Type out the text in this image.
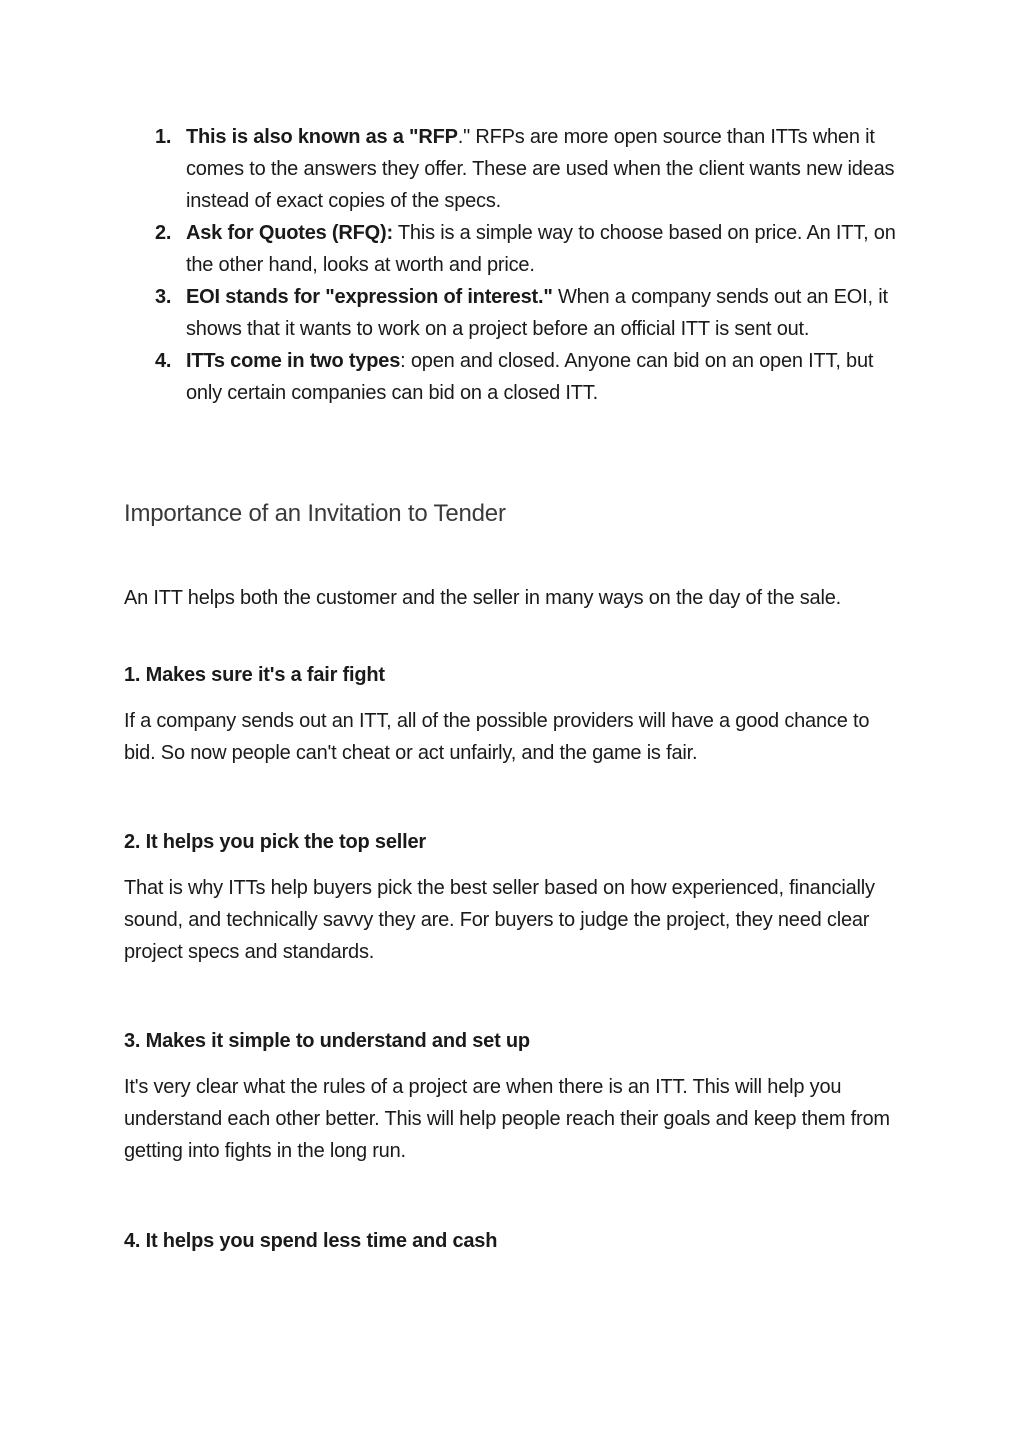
1. This is also known as a "RFP." RFPs are more open source than ITTs when it comes to the answers they offer. These are used when the client wants new ideas instead of exact copies of the specs.
2. Ask for Quotes (RFQ): This is a simple way to choose based on price. An ITT, on the other hand, looks at worth and price.
3. EOI stands for "expression of interest." When a company sends out an EOI, it shows that it wants to work on a project before an official ITT is sent out.
4. ITTs come in two types: open and closed. Anyone can bid on an open ITT, but only certain companies can bid on a closed ITT.
Importance of an Invitation to Tender

An ITT helps both the customer and the seller in many ways on the day of the sale.

1. Makes sure it's a fair fight

If a company sends out an ITT, all of the possible providers will have a good chance to bid. So now people can't cheat or act unfairly, and the game is fair.

2. It helps you pick the top seller

That is why ITTs help buyers pick the best seller based on how experienced, financially sound, and technically savvy they are. For buyers to judge the project, they need clear project specs and standards.

3. Makes it simple to understand and set up

It's very clear what the rules of a project are when there is an ITT. This will help you understand each other better. This will help people reach their goals and keep them from getting into fights in the long run.

4. It helps you spend less time and cash
